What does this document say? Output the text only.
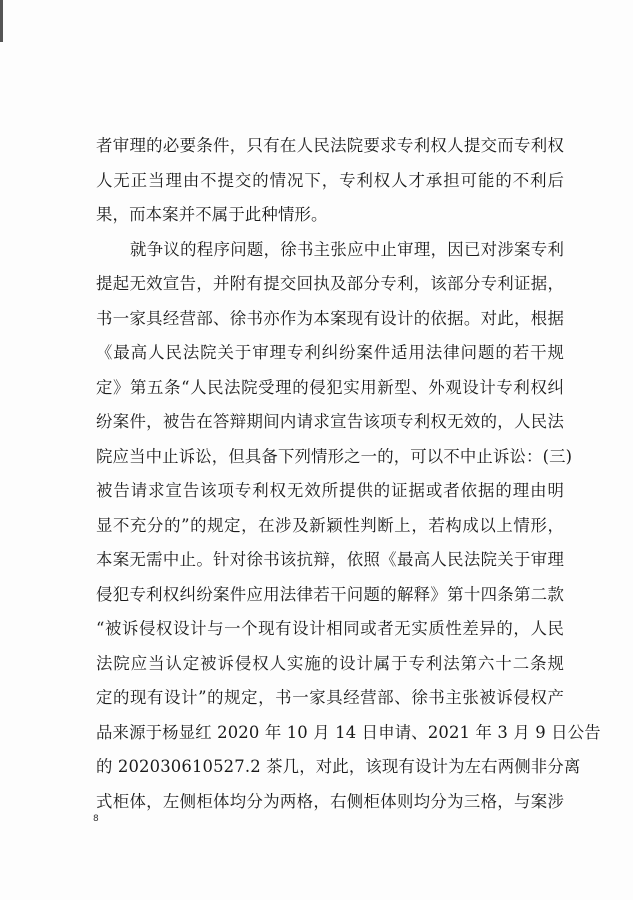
者审理的必要条件，只有在人民法院要求专利权人提交而专利权
人无正当理由不提交的情况下，专利权人才承担可能的不利后
果，而本案并不属于此种情形。
就争议的程序问题，徐书主张应中止审理，因已对涉案专利
提起无效宣告，并附有提交回执及部分专利，该部分专利证据，
书一家具经营部、徐书亦作为本案现有设计的依据。对此，根据
《最高人民法院关于审理专利纠纷案件适用法律问题的若干规
定》第五条“人民法院受理的侵犯实用新型、外观设计专利权纠
纷案件，被告在答辩期间内请求宣告该项专利权无效的，人民法
院应当中止诉讼，但具备下列情形之一的，可以不中止诉讼：(三)
被告请求宣告该项专利权无效所提供的证据或者依据的理由明
显不充分的”的规定，在涉及新颖性判断上，若构成以上情形，
本案无需中止。针对徐书该抗辩，依照《最高人民法院关于审理
侵犯专利权纠纷案件应用法律若干问题的解释》第十四条第二款
“被诉侵权设计与一个现有设计相同或者无实质性差异的，人民
法院应当认定被诉侵权人实施的设计属于专利法第六十二条规
定的现有设计”的规定，书一家具经营部、徐书主张被诉侵权产
品来源于杨显红 2020 年 10 月 14 日申请、2021 年 3 月 9 日公告
的 202030610527.2 茶几，对此，该现有设计为左右两侧非分离
式柜体，左侧柜体均分为两格，右侧柜体则均分为三格，与案涉
8
